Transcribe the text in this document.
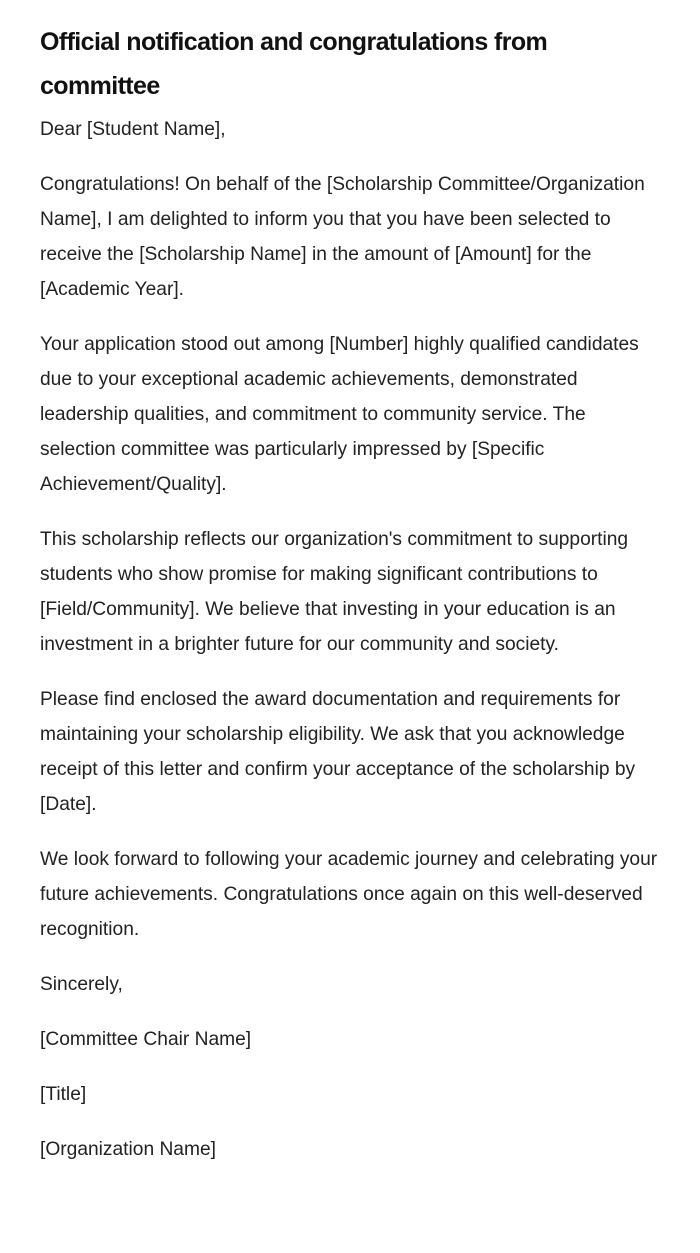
Official notification and congratulations from committee

Dear [Student Name],

Congratulations! On behalf of the [Scholarship Committee/Organization Name], I am delighted to inform you that you have been selected to receive the [Scholarship Name] in the amount of [Amount] for the [Academic Year].

Your application stood out among [Number] highly qualified candidates due to your exceptional academic achievements, demonstrated leadership qualities, and commitment to community service. The selection committee was particularly impressed by [Specific Achievement/Quality].

This scholarship reflects our organization's commitment to supporting students who show promise for making significant contributions to [Field/Community]. We believe that investing in your education is an investment in a brighter future for our community and society.

Please find enclosed the award documentation and requirements for maintaining your scholarship eligibility. We ask that you acknowledge receipt of this letter and confirm your acceptance of the scholarship by [Date].

We look forward to following your academic journey and celebrating your future achievements. Congratulations once again on this well-deserved recognition.

Sincerely,

[Committee Chair Name]

[Title]

[Organization Name]
